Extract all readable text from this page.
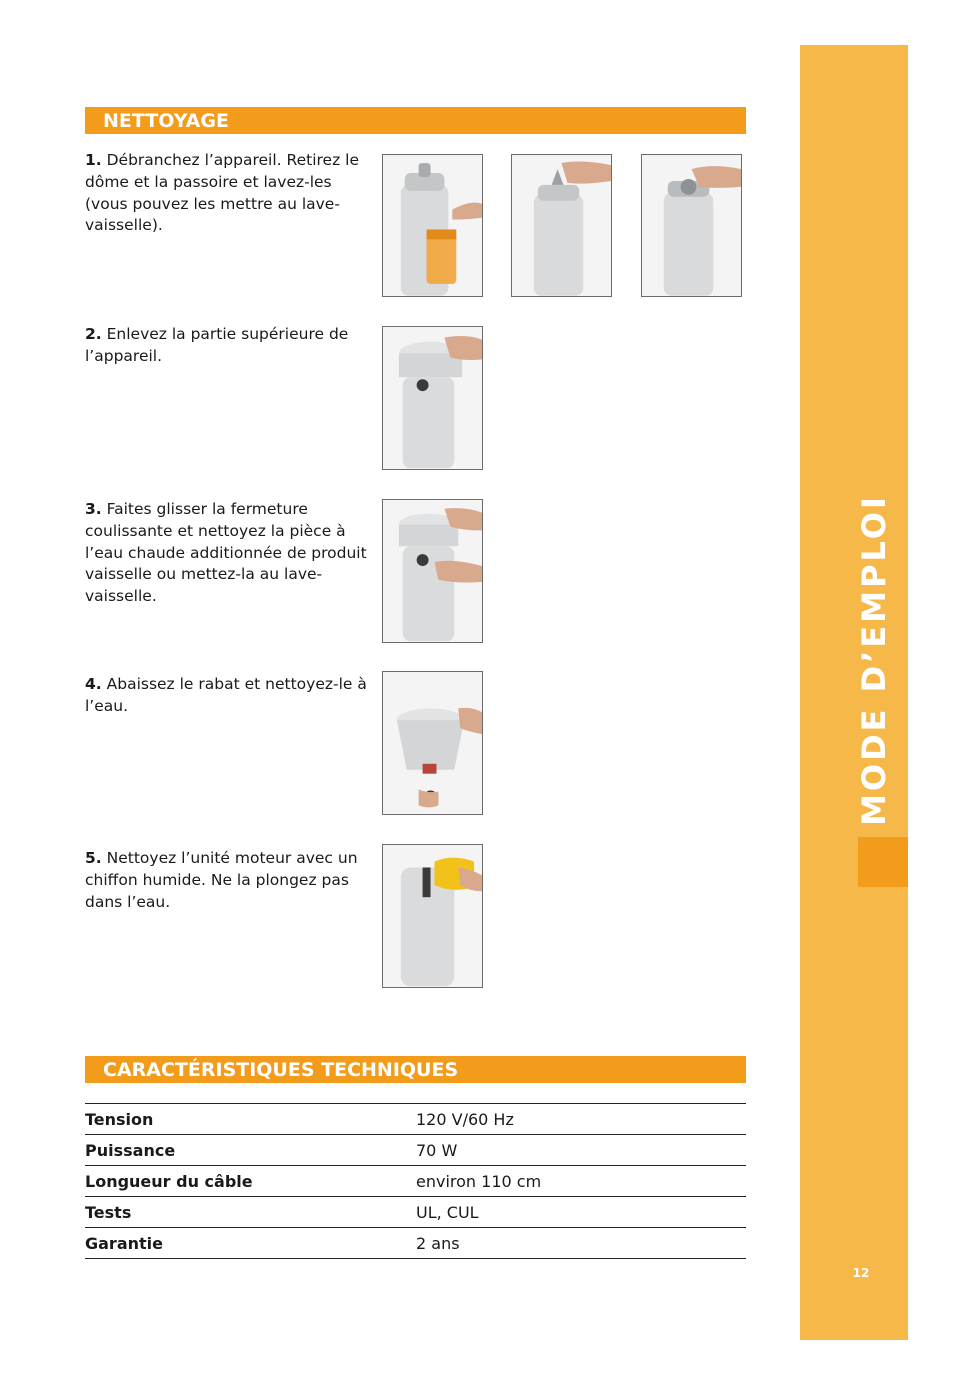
MODE D’EMPLOI
12
NETTOYAGE
1. Débranchez l’appareil. Retirez le dôme et la passoire et lavez-les (vous pouvez les mettre au lave-vaisselle).
2. Enlevez la partie supérieure de l’appareil.
3. Faites glisser la fermeture coulissante et nettoyez la pièce à l’eau chaude additionnée de produit vaisselle ou mettez-la au lave-vaisselle.
4. Abaissez le rabat et nettoyez-le à l’eau.
5. Nettoyez l’unité moteur avec un chiffon humide. Ne la plongez pas dans l’eau.
CARACTÉRISTIQUES TECHNIQUES
Tension	120 V/60 Hz
Puissance	70 W
Longueur du câble	environ 110 cm
Tests	UL, CUL
Garantie	2 ans
